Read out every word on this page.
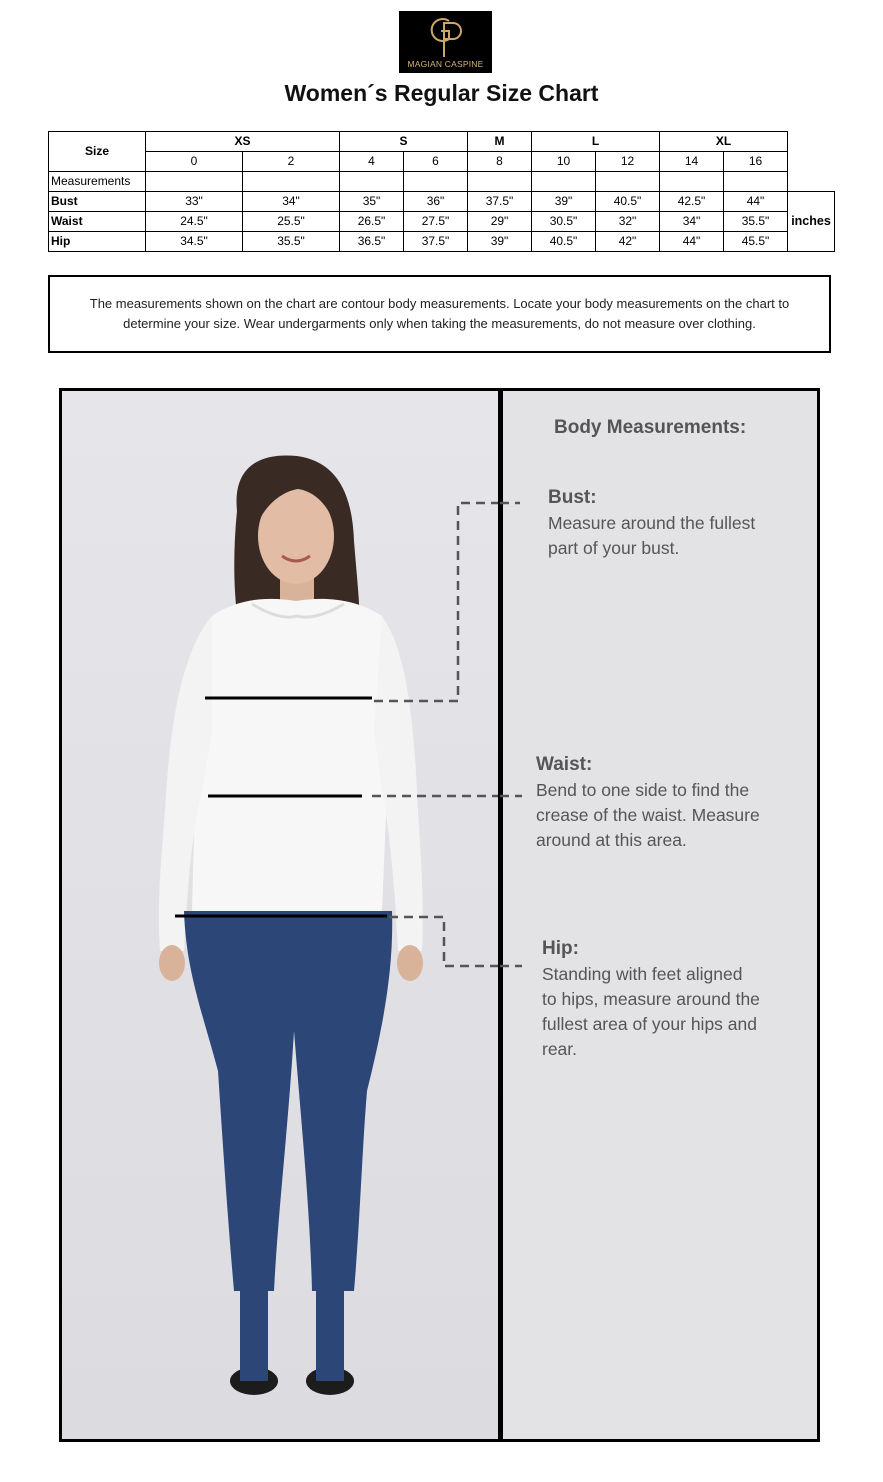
MAGIAN CASPINE
Women´s Regular Size Chart
Size	XS		S		M	L		XL		
	0	2	4	6	8	10	12	14	16	
Measurements										
Bust	33"	34"	35"	36"	37.5"	39"	40.5"	42.5"	44"	inches
Waist	24.5"	25.5"	26.5"	27.5"	29"	30.5"	32"	34"	35.5"	
Hip	34.5"	35.5"	36.5"	37.5"	39"	40.5"	42"	44"	45.5"	
The measurements shown on the chart are contour body measurements. Locate your body measurements on the chart to determine your size. Wear undergarments only when taking the measurements, do not measure over clothing.
Body Measurements:
Bust:
Measure around the fullest
part of your bust.
Waist:
Bend to one side to find the
crease of the waist. Measure
around at this area.
Hip:
Standing with feet aligned
to hips, measure around the
fullest area of your hips and
rear.
